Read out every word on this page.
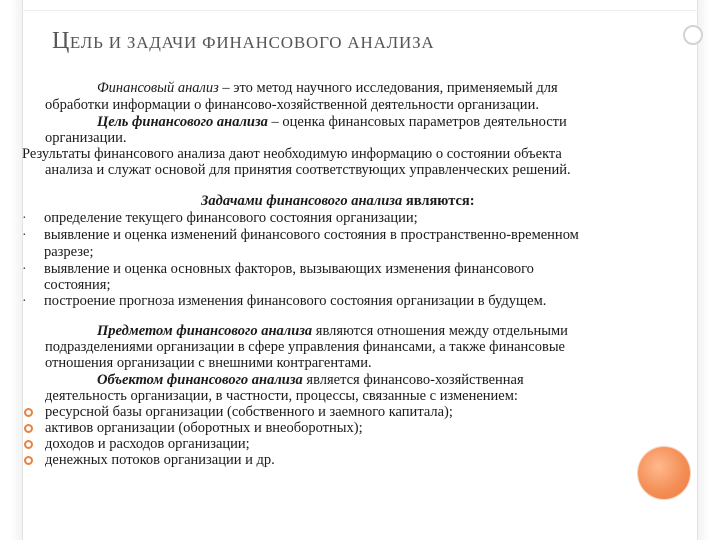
ЦЕЛЬ И ЗАДАЧИ ФИНАНСОВОГО АНАЛИЗА
Финансовый анализ – это метод научного исследования, применяемый для
обработки информации о финансово-хозяйственной деятельности организации.
Цель финансового анализа – оценка финансовых параметров деятельности
организации.
Результаты финансового анализа дают необходимую информацию о состоянии объекта
анализа и служат основой для принятия соответствующих управленческих решений.
Задачами финансового анализа являются:
· определение текущего финансового состояния организации;
· выявление и оценка изменений финансового состояния в пространственно-временном
разрезе;
· выявление и оценка основных факторов, вызывающих изменения финансового
состояния;
· построение прогноза изменения финансового состояния организации в будущем.
Предметом финансового анализа являются отношения между отдельными
подразделениями организации в сфере управления финансами, а также финансовые
отношения организации с внешними контрагентами.
Объектом финансового анализа является финансово-хозяйственная
деятельность организации, в частности, процессы, связанные с изменением:
ресурсной базы организации (собственного и заемного капитала);
активов организации (оборотных и внеоборотных);
доходов и расходов организации;
денежных потоков организации и др.
